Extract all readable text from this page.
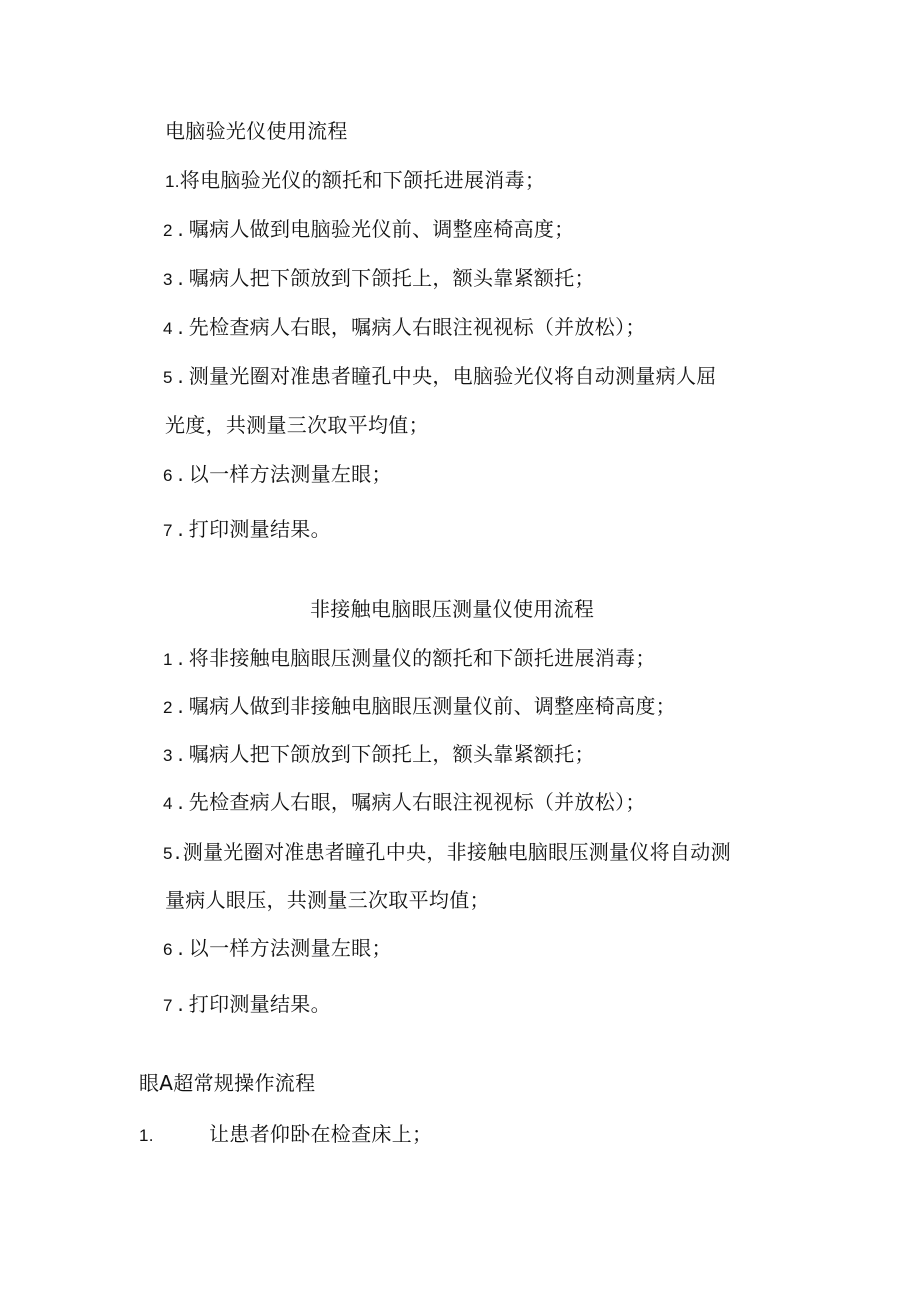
电脑验光仪使用流程
1.将电脑验光仪的额托和下颌托进展消毒；
2 . 嘱病人做到电脑验光仪前、调整座椅高度；
3 . 嘱病人把下颌放到下颌托上，额头靠紧额托；
4 . 先检查病人右眼，嘱病人右眼注视视标（并放松）；
5 . 测量光圈对准患者瞳孔中央，电脑验光仪将自动测量病人屈
光度，共测量三次取平均值；
6 . 以一样方法测量左眼；
7 . 打印测量结果。
非接触电脑眼压测量仪使用流程
1 . 将非接触电脑眼压测量仪的额托和下颌托进展消毒；
2 . 嘱病人做到非接触电脑眼压测量仪前、调整座椅高度；
3 . 嘱病人把下颌放到下颌托上，额头靠紧额托；
4 . 先检查病人右眼，嘱病人右眼注视视标（并放松）；
5.测量光圈对准患者瞳孔中央，非接触电脑眼压测量仪将自动测
量病人眼压，共测量三次取平均值；
6 . 以一样方法测量左眼；
7 . 打印测量结果。
眼A超常规操作流程
1.	让患者仰卧在检查床上；
